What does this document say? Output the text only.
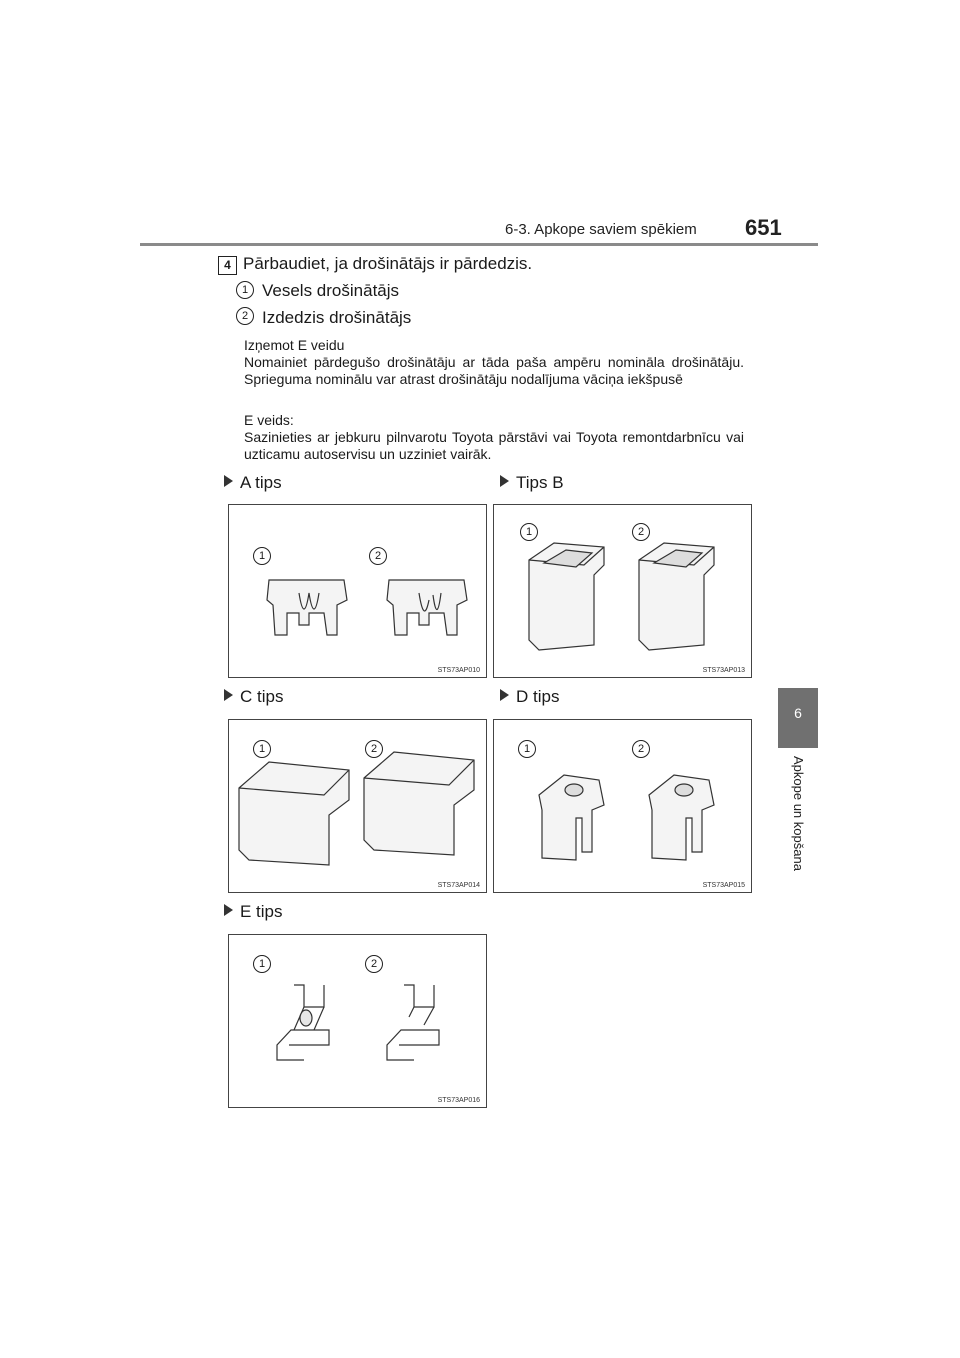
6-3. Apkope saviem spēkiem 651
6
Apkope un kopšana
4 Pārbaudiet, ja drošinātājs ir pārdedzis.
1 Vesels drošinātājs
2 Izdedzis drošinātājs
Izņemot E veidu
Nomainiet pārdegušo drošinātāju ar tāda paša ampēru nomināla drošinātāju. Sprieguma nominālu var atrast drošinātāju nodalījuma vāciņa iekšpusē
E veids:
Sazinieties ar jebkuru pilnvarotu Toyota pārstāvi vai Toyota remontdarbnīcu vai uzticamu autoservisu un uzziniet vairāk.
A tips	Tips B
C tips	D tips
E tips
1	2
STS73AP010
1	2
STS73AP013
1	2
STS73AP014
1	2
STS73AP015
1	2
STS73AP016
